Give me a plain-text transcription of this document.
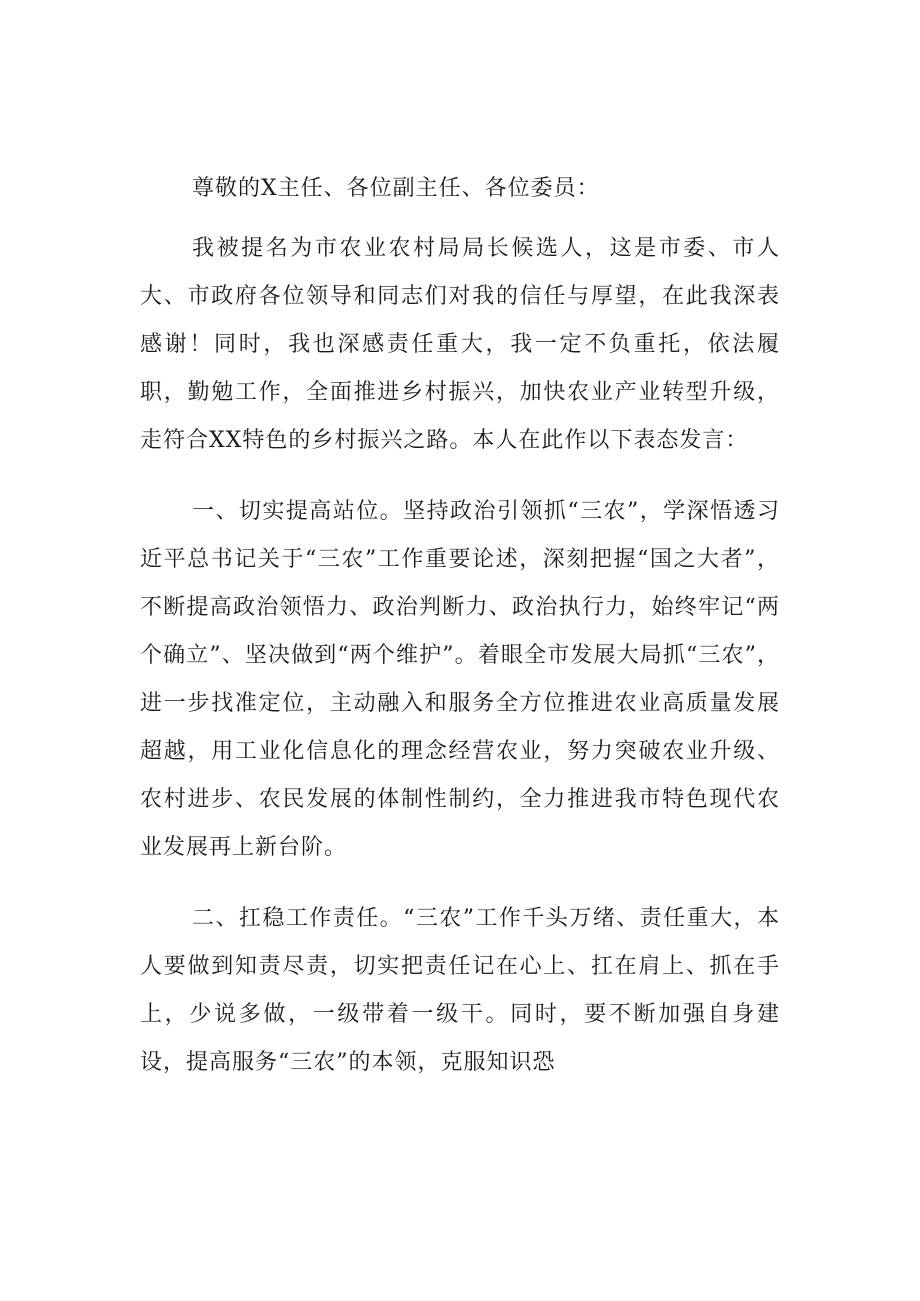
尊敬的X主任、各位副主任、各位委员：

我被提名为市农业农村局局长候选人，这是市委、市人大、市政府各位领导和同志们对我的信任与厚望，在此我深表感谢！同时，我也深感责任重大，我一定不负重托，依法履职，勤勉工作，全面推进乡村振兴，加快农业产业转型升级，走符合XX特色的乡村振兴之路。本人在此作以下表态发言：

一、切实提高站位。坚持政治引领抓“三农”，学深悟透习近平总书记关于“三农”工作重要论述，深刻把握“国之大者”，不断提高政治领悟力、政治判断力、政治执行力，始终牢记“两个确立”、坚决做到“两个维护”。着眼全市发展大局抓“三农”，进一步找准定位，主动融入和服务全方位推进农业高质量发展超越，用工业化信息化的理念经营农业，努力突破农业升级、农村进步、农民发展的体制性制约，全力推进我市特色现代农业发展再上新台阶。

二、扛稳工作责任。“三农”工作千头万绪、责任重大，本人要做到知责尽责，切实把责任记在心上、扛在肩上、抓在手上，少说多做，一级带着一级干。同时，要不断加强自身建设，提高服务“三农”的本领，克服知识恐
